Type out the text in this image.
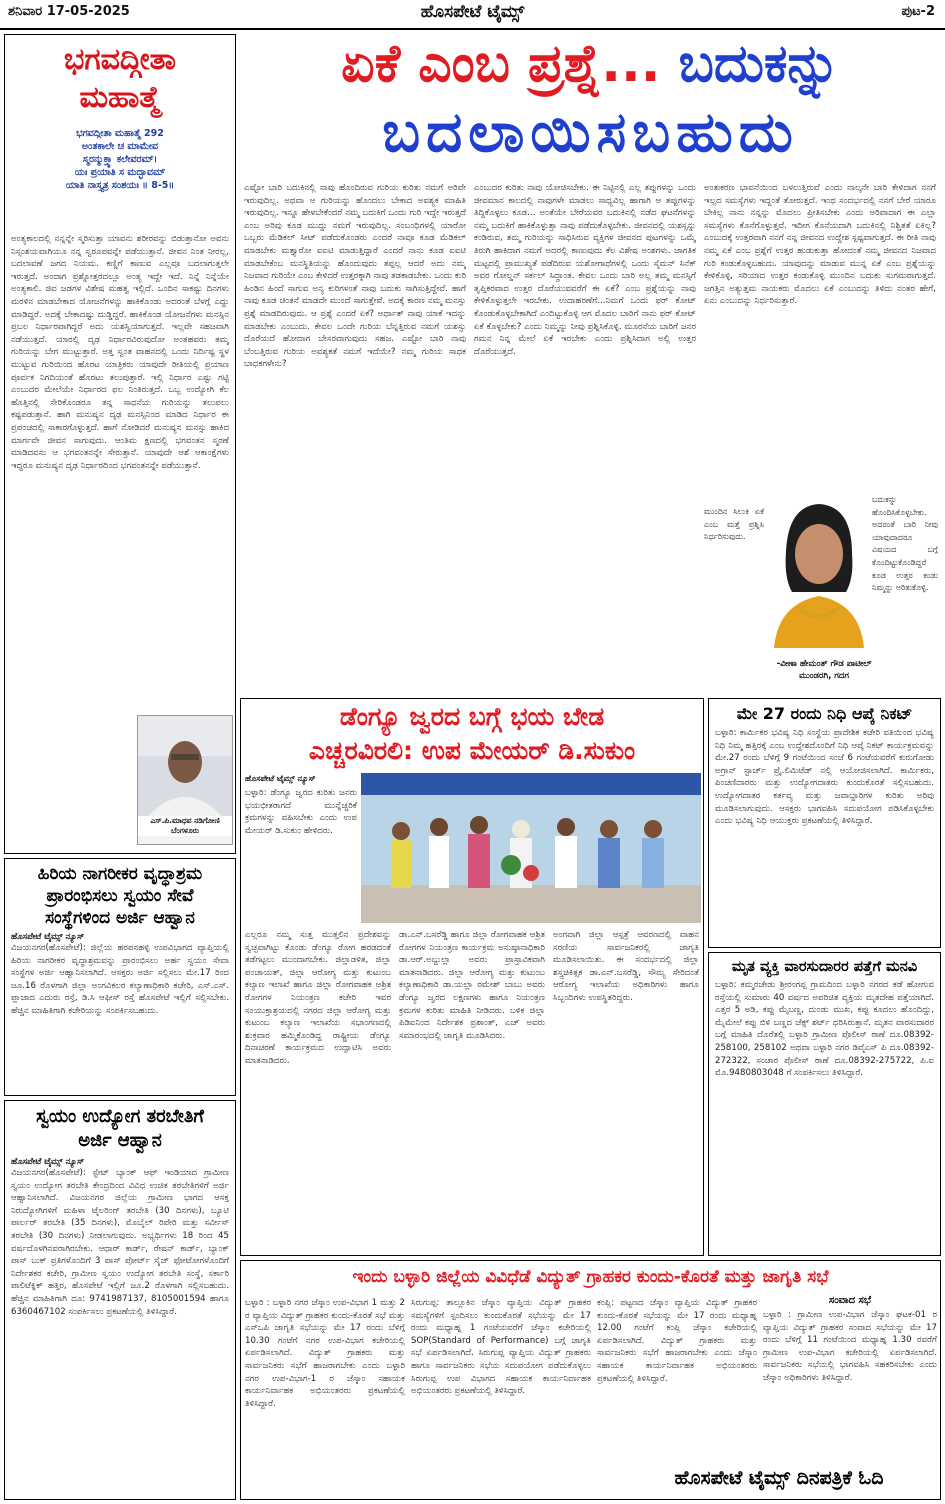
ಶನಿವಾರ 17-05-2025	ಹೊಸಪೇಟೆ ಟೈಮ್ಸ್	ಪುಟ-2
ಭಗವದ್ಗೀತಾ
ಮಹಾತ್ಮೆ
ಭಗವದ್ಗೀತಾ ಮಹಾತ್ಮೆ 292
ಅಂತಕಾಲೇ ಚ ಮಾಮೇವ
ಸ್ಮರನ್ಮುಕ್ತ್ವಾ ಕಲೇವರಮ್।
ಯಃ ಪ್ರಯಾತಿ ಸ ಮದ್ಭಾವಮ್
ಯಾತಿ ನಾಸ್ತ್ಯತ್ರ ಸಂಶಯಃ ॥ 8-5॥
ಅಂತ್ಯಕಾಲದಲ್ಲಿ ನನ್ನನ್ನೇ ಸ್ಮರಿಸುತ್ತಾ ಯಾವನು ಶರೀರವನ್ನು ಬಿಡುತ್ತಾನೋ ಅವನು ನಿಸ್ಸಂಶಯವಾಗಿಯೂ ನನ್ನ ಸ್ವರೂಪವನ್ನೇ ಪಡೆಯುತ್ತಾನೆ. ಜೀವನ ನಿಂತ ನೀರಲ್ಲ, ಬದಲಾವಣೆ ಜಗದ ನಿಯಮ. ಕಣ್ಣಿಗೆ ಕಾಣುವ ಎಲ್ಲವೂ ಬದಲಾಗುತ್ತಲೇ ಇರುತ್ತದೆ. ಅಂದಾಗ ಪ್ರಶ್ನೋತ್ತರದಲ್ಲೂ ಅಂತ್ಯ ಇದ್ದೇ ಇದೆ. ನಿನ್ನೆ ನಿನ್ನೆಯೇ ಅಂತ್ಯಕಾಲಿ. ಜಿವ ಜಡಗಳ ವಿಶೇಷ ಮಹತ್ವ ಇಲ್ಲಿದೆ. ಒಂದಿನ ಸಾಕಷ್ಟು ದಿನಗಳು ಮರಳಿನ ಮಾಡಬೇಕಾದ ಯೋಜನೆಗಳನ್ನು ಹಾಕಿಕೊಂಡು ಅದರಂತೆ ಬೆಳಗ್ಗೆ ಎದ್ದು ಮಾಡಿದ್ದರೆ. ಅದಕ್ಕೆ ಬೇಕಾದಷ್ಟು ದುಡ್ಡಿದ್ದರೆ. ಹಾಕಿಕೊಂಡ ಯೋಜನೆಗಳು ಮನಸ್ಸಿನ ಪ್ರಬಲ ನಿರ್ಧಾರವಾಗಿದ್ದರೆ ಅದು ಯಶಸ್ವಿಯಾಗುತ್ತದೆ. ಇಲ್ಲವೇ ಸಹಜವಾಗಿ ನಡೆಯುತ್ತದೆ. ಯಾರಲ್ಲಿ ದೃಢ ನಿರ್ಧಾರವಿರುವುದೋ ಅಂತಹವರು ತಮ್ಮ ಗುರಿಯನ್ನು ಬೇಗ ಮುಟ್ಟುತ್ತಾರೆ. ಅತ್ತ ಸ್ವಂತ ವಾಹನದಲ್ಲಿ ಒಂದು ನಿರ್ದಿಷ್ಟ ಸ್ಥಳ ಮುಟ್ಟುವ ಗುರಿಯಿಂದ ಹೊರಟ ಯಾತ್ರಿಕರು ಯಾವುದೇ ರೀತಿಯಲ್ಲಿ ಪ್ರಯಾಣ ಪೂರ್ವಕ ನಿಗದಿಯಂತೆ ಹೊರಟು ತಲುಪುತ್ತಾರೆ. ಇಲ್ಲಿ ನಿರ್ಧಾರ ಎಷ್ಟು ಗಟ್ಟಿ ಎಂಬುದರ ಮೇಲೆಯೇ ನಿರ್ಧಾರದ ಫಲ ನಿಂತಿರುತ್ತದೆ. ಒಬ್ಬ ಉದ್ಯೋಗಿ ಕೆಲ ಹೊತ್ತಿನಲ್ಲಿ ಸೇರಿಕೊಂಡರೂ ತನ್ನ ಸಾಧನೆಯ ಗುರಿಯನ್ನು ತಲುಪಲು ಕಷ್ಟಪಡುತ್ತಾನೆ. ಹಾಗಿ ಮನುಷ್ಯನ ದೃಢ ಮನಸ್ಸಿನಿಂದ ಮಾಡಿದ ನಿರ್ಧಾರ ಈ ಪ್ರಪಂಚದಲ್ಲಿ ಸಾಕಾರಗೊಳ್ಳುತ್ತದೆ. ಹಾಗೆ ನೋಡಿದರೆ ಮನುಷ್ಯನ ಮನಸ್ಸು ಹಾಕಿದ ಮಾರ್ಗವೇ ಜೀವನ ಸಾಗುವುದು. ಆಂತಿಮ ಕ್ಷಣದಲ್ಲಿ ಭಗವಂತನ ಸ್ಮರಣೆ ಮಾಡಿದವನು ಆ ಭಗವಂತನನ್ನೇ ಸೇರುತ್ತಾನೆ. ಯಾವುದೇ ಆಶೆ ಆಕಾಂಕ್ಷೆಗಳು ಇದ್ದರೂ ಮನುಷ್ಯನ ದೃಢ ನಿರ್ಧಾರದಿಂದ ಭಗವಂತನನ್ನೇ ಪಡೆಯುತ್ತಾನೆ.
ಎಸ್.ಪಿ.ಮಾಧವ ನಡಿಗೋಣಿ
ಬೆಂಗಳೂರು
ಹಿರಿಯ ನಾಗರೀಕರ ವೃದ್ಧಾಶ್ರಮ
ಪ್ರಾರಂಭಿಸಲು ಸ್ವಯಂ ಸೇವೆ
ಸಂಸ್ಥೆಗಳಿಂದ ಅರ್ಜಿ ಆಹ್ವಾನ
ಹೊಸಪೇಟೆ ಟೈಮ್ಸ್ ನ್ಯೂಸ್
ವಿಜಯನಗರ(ಹೊಸಪೇಟೆ): ಜಿಲ್ಲೆಯ ಹರಪನಹಳ್ಳಿ ಉಪವಿಭಾಗದ ವ್ಯಾಪ್ತಿಯಲ್ಲಿ ಹಿರಿಯ ನಾಗರೀಕರ ವೃದ್ಧಾಶ್ರಮವನ್ನು ಪ್ರಾರಂಭಿಸಲು ಅರ್ಹ ಸ್ವಯಂ ಸೇವಾ ಸಂಸ್ಥೆಗಳ ಅರ್ಜಿ ಆಹ್ವಾನಿಸಲಾಗಿದೆ. ಆಸಕ್ತರು ಅರ್ಜಿ ಸಲ್ಲಿಸಲು ಮೇ.17 ರಿಂದ ಜೂ.16 ರೊಳಗಾಗಿ ಜಿಲ್ಲಾ ಅಂಗವಿಕಲರ ಕಲ್ಯಾಣಾಧಿಕಾರಿ ಕಚೇರಿ, ಎಸ್.ಎಸ್. ಪ್ಲಾಜಾದ ಎದುರು ರಸ್ತೆ, ಡಿ.ಸಿ ಆಫೀಸ್ ರಸ್ತೆ ಹೊಸಪೇಟೆ ಇಲ್ಲಿಗೆ ಸಲ್ಲಿಸಬೇಕು. ಹೆಚ್ಚಿನ ಮಾಹಿತಿಗಾಗಿ ಕಚೇರಿಯನ್ನು ಸಂಪರ್ಕಿಸಬಹುದು.
ಸ್ವಯಂ ಉದ್ಯೋಗ ತರಬೇತಿಗೆ
ಅರ್ಜಿ ಆಹ್ವಾನ
ಹೊಸಪೇಟೆ ಟೈಮ್ಸ್ ನ್ಯೂಸ್
ವಿಜಯನಗರ(ಹೊಸಪೇಟೆ): ಸ್ಟೇಟ್ ಬ್ಯಾಂಕ್ ಆಫ್ ಇಂಡಿಯಾದ ಗ್ರಾಮೀಣ ಸ್ವಯಂ ಉದ್ಯೋಗ ತರಬೇತಿ ಕೇಂದ್ರದಿಂದ ವಿವಿಧ ಉಚಿತ ತರಬೇತಿಗಳಿಗೆ ಅರ್ಜಿ ಆಹ್ವಾನಿಸಲಾಗಿದೆ. ವಿಜಯನಗರ ಜಿಲ್ಲೆಯ ಗ್ರಾಮೀಣ ಭಾಗದ ಆಸಕ್ತ ನಿರುದ್ಯೋಗಿಗಳಿಗೆ ಮಹಿಳಾ ಟೈಲರಿಂಗ್ ತರಬೇತಿ (30 ದಿನಗಳು), ಬ್ಯೂಟಿ ಪಾರ್ಲರ್ ತರಬೇತಿ (35 ದಿನಗಳು), ಮೊಬೈಲ್ ರಿಪೇರಿ ಮತ್ತು ಸರ್ವೀಸ್ ತರಬೇತಿ (30 ದಿನಗಳು) ನೀಡಲಾಗುವುದು. ಅಭ್ಯರ್ಥಿಗಳು 18 ರಿಂದ 45 ವರ್ಷದೊಳಗಿನವರಾಗಿರಬೇಕು. ಆಧಾರ್ ಕಾರ್ಡ್, ರೇಷನ್ ಕಾರ್ಡ್, ಬ್ಯಾಂಕ್ ಪಾಸ್ ಬುಕ್ ಪ್ರತಿಗಳೊಂದಿಗೆ 3 ಪಾಸ್ ಪೋರ್ಟ್ ಸೈಜ್ ಫೋಟೋಗಳೊಂದಿಗೆ ನಿರ್ದೇಶಕರ ಕಚೇರಿ, ಗ್ರಾಮೀಣ ಸ್ವಯಂ ಉದ್ಯೋಗ ತರಬೇತಿ ಸಂಸ್ಥೆ, ಸರ್ಕಾರಿ ಪಾಲಿಟೆಕ್ನಿಕ್ ಹತ್ತಿರ, ಹೊಸಪೇಟೆ ಇಲ್ಲಿಗೆ ಜೂ.2 ರೊಳಗಾಗಿ ಸಲ್ಲಿಸಬಹುದು. ಹೆಚ್ಚಿನ ಮಾಹಿತಿಗಾಗಿ ದೂ: 9741987137, 8105001594 ಹಾಗೂ 6360467102 ಸಂಪರ್ಕಿಸಲು ಪ್ರಕಟಣೆಯಲ್ಲಿ ತಿಳಿಸಿದ್ದಾರೆ.
ಏಕೆ ಎಂಬ ಪ್ರಶ್ನೆ... ಬದುಕನ್ನು
ಬದಲಾಯಿಸಬಹುದು
ಎಷ್ಟೋ ಬಾರಿ ಬದುಕಿನಲ್ಲಿ ನಾವು ಹೊಂದಿರುವ ಗುರಿಯ ಕುರಿತು ನಮಗೆ ಅರಿವೇ ಇರುವುದಿಲ್ಲ. ಅಥವಾ ಆ ಗುರಿಯನ್ನು ಹೊಂದಲು ಬೇಕಾದ ಅವಶ್ಯಕ ಮಾಹಿತಿ ಇರುವುದಿಲ್ಲ. ಇನ್ನೂ ಹೇಳಬೇಕೆಂದರೆ ನಮ್ಮ ಬದುಕಿಗೆ ಒಂದು ಗುರಿ ಇದ್ದೇ ಇರುತ್ತದೆ ಎಂಬ ಅರಿವು ಕೂಡ ಮುದ್ದು ನಮಗೆ ಇರುವುದಿಲ್ಲ. ಸಂಬಂಧಿಗಳಲ್ಲಿ ಯಾರೋ ಒಬ್ಬರು ಮೆಡಿಕಲ್ ಸೀಟ್ ಪಡೆದುಕೊಂಡರು ಎಂದರೆ ನಾವೂ ಕೂಡ ಮೆಡಿಕಲ್ ಮಾಡಬೇಕು ಮತ್ತ್ಯಾರೋ ಐಐಟಿ ಮಾಡುತ್ತಿದ್ದಾರೆ ಎಂದರೆ ನಾನು ಕೂಡ ಐಐಟಿ ಮಾಡಬೇಕೆಂಬ ಮನಸ್ಥಿತಿಯನ್ನು ಹೊಂದುವುದು ತಪ್ಪಲ್ಲ ಆದರೆ ಅದು ನಮ್ಮ ನಿಜವಾದ ಗುರಿಯೇ ಎಂಬ ಕೇಳಿದರೆ ಉತ್ತರಕ್ಕಾಗಿ ನಾವು ತಡಕಾಡಬೇಕು. ಒಂದು ಕುರಿ ಹಿಂಡಿನ ಹಿಂದೆ ಸಾಗುವ ಅನ್ಯ ಕುರಿಗಳಂತೆ ನಾವು ಬದುಕು ಸಾಗಿಸುತ್ತಿದ್ದೇವೆ. ಹಾಗೆ ನಾವು ಕೂಡ ಚಿಂತನೆ ಮಾಡದೇ ಮುಂದೆ ಸಾಗುತ್ತೇವೆ. ಅದಕ್ಕೆ ಕಾರಣ ನಮ್ಮ ಮನಸ್ಸು ಪ್ರಶ್ನೆ ಮಾಡದಿರುವುದು. ಆ ಪ್ರಶ್ನೆ ಎಂದರೆ ಏಕೆ? ಅರ್ಥಾತ್ ನಾವು ಯಾಕೆ ಇದನ್ನು ಮಾಡಬೇಕು ಎಂಬುದು. ಕೇವಲ ಒಂದೇ ಗುರಿಯ ಬೆನ್ನತ್ತಿರುವ ನಮಗೆ ಯಶಸ್ಸು ದೊರೆಯದೆ ಹೋದಾಗ ಬೇಸರವಾಗುವುದು ಸಹಜ. ಎಷ್ಟೋ ಬಾರಿ ನಾವು ಬೆಂಬತ್ತಿರುವ ಗುರಿಯ ಅವಶ್ಯಕತೆ ನಮಗೆ ಇದೆಯೇ? ನಮ್ಮ ಗುರಿಯ ಸಾಧಕ ಬಾಧಕಗಳೇನು?
ಎಂಬುದರ ಕುರಿತು ನಾವು ಯೋಚಿಸಬೇಕು. ಈ ನಿಟ್ಟಿನಲ್ಲಿ ಎಲ್ಲ ತಪ್ಪುಗಳನ್ನು ಒಂದು ಜೀವಮಾನ ಕಾಲದಲ್ಲಿ ನಾವುಗಳೇ ಮಾಡಲು ಸಾಧ್ಯವಿಲ್ಲ ಹಾಗಾಗಿ ಆ ತಪ್ಪುಗಳನ್ನು ತಿದ್ದಿಕೊಳ್ಳಲು ಕೂಡ... ಅಂತೆಯೇ ಬೇರೆಯವರ ಬದುಕಿನಲ್ಲಿ ನಡೆದ ಘಟನೆಗಳನ್ನು ನಮ್ಮ ಬದುಕಿಗೆ ಹಾಕಿಕೊಳ್ಳುತ್ತಾ ನಾವು ಪಡೆದುಕೊಳ್ಳಬೇಕು. ಜೀವನದಲ್ಲಿ ಯಶಸ್ಸನ್ನು ಕಂಡಿರುವ, ತಮ್ಮ ಗುರಿಯನ್ನು ಸಾಧಿಸಿರುವ ವ್ಯಕ್ತಿಗಳ ಜೀವನದ ಪುಟಗಳನ್ನು ಒಮ್ಮೆ ತಿರುಗಿ ಹಾಕಿದಾಗ ನಮಗೆ ಅದರಲ್ಲಿ ಕಾಣುವುದು ಕೆಲ ವಿಶೇಷ ಅಂಶಗಳು. ಜಾಗತಿಕ ಮಟ್ಟದಲ್ಲಿ ಪ್ರಾಮುಖ್ಯತೆ ಪಡೆದಿರುವ ಯಶೋಗಾಥೆಗಳಲ್ಲಿ ಒಂದು ಸೈಮನ್ ಸಿನೆಕ್ ಅವರ ಗೋಲ್ಡನ್ ಸರ್ಕಲ್ ಸಿದ್ಧಾಂತ. ಕೇವಲ ಒಂದು ಬಾರಿ ಅಲ್ಲ ತಮ್ಮ ಮನಸ್ಸಿಗೆ ತೃಪ್ತಿಕರವಾದ ಉತ್ತರ ದೊರೆಯುವವರೆಗೆ ಈ ಏಕೆ? ಎಂಬ ಪ್ರಶ್ನೆಯನ್ನು ನಾವು ಕೇಳಿಕೊಳ್ಳುತ್ತಲೇ ಇರಬೇಕು. ಉದಾಹರಣೆಗೆ...ನಿಮಗೆ ಒಂದು ಫರ್ ಕೋಟ್ ಕೊಂಡುಕೊಳ್ಳಬೇಕಾಗಿದೆ ಎಂದಿಟ್ಟುಕೊಳ್ಳಿ ಆಗ ಮೊದಲ ಬಾರಿಗೆ ನಾನು ಫರ್ ಕೋಟ್ ಏಕೆ ಕೊಳ್ಳಬೇಕು? ಎಂದು ನಿಮ್ಮನ್ನು ನೀವು ಪ್ರಶ್ನಿಸಿಕೊಳ್ಳಿ. ಮೂರನೆಯ ಬಾರಿಗೆ ಜನರ ಗಮನ ನಿನ್ನ ಮೇಲೆ ಏಕೆ ಇರಬೇಕು ಎಂದು ಪ್ರಶ್ನಿಸಿದಾಗ ಅಲ್ಲಿ ಉತ್ತರ ದೊರೆಯುತ್ತದೆ.
ಅಂತಃಕರಣ ಭಾವನೆಯಿಂದ ಬಳಲುತ್ತಿರುವೆ ಎಂದು ನಾಲ್ಕನೇ ಬಾರಿ ಕೇಳಿದಾಗ ನನಗೆ ಇಲ್ಲದ ಸಮಸ್ಯೆಗಳು ಇದ್ದಂತೆ ತೋರುತ್ತದೆ. ಇಂಥ ಸಂದರ್ಭದಲ್ಲಿ ನನಗೆ ಬೇರೆ ಯಾರೂ ಬೇಕಿಲ್ಲ ನಾನು ನನ್ನನ್ನು ಮೊದಲು ಪ್ರೀತಿಸಬೇಕು ಎಂದು ಅರಿವಾದಾಗ ಈ ಎಲ್ಲಾ ಸಮಸ್ಯೆಗಳು ಕೊನೆಗೊಳ್ಳುತ್ತವೆ. ಇದೀಗ ಕೊನೆಯದಾಗಿ ಬದುಕಿನಲ್ಲಿ ನಿಶ್ಚಿತತೆ ಏಕಿಲ್ಲ? ಎಂಬುದಕ್ಕೆ ಉತ್ತರವಾಗಿ ನನಗೆ ನನ್ನ ಜೀವನದ ಉದ್ದೇಶ ಸ್ಪಷ್ಟವಾಗುತ್ತದೆ. ಈ ರೀತಿ ನಾವು ನಮ್ಮ ಏಕೆ ಎಂಬ ಪ್ರಶ್ನೆಗೆ ಉತ್ತರ ಹುಡುಕುತ್ತಾ ಹೋದಂತೆ ನಮ್ಮ ಜೀವನದ ನಿಜವಾದ ಗುರಿ ಕಂಡುಕೊಳ್ಳಬಹುದು. ಯಾವುದನ್ನು ಮಾಡುವ ಮುನ್ನ ಏಕೆ ಎಂಬ ಪ್ರಶ್ನೆಯನ್ನು ಕೇಳಿಕೊಳ್ಳಿ, ಸರಿಯಾದ ಉತ್ತರ ಕಂಡುಕೊಳ್ಳಿ ಮುಂದಿನ ಬದುಕು ಸುಗಮವಾಗುತ್ತದೆ. ಜಗತ್ತಿನ ಅತ್ಯುತ್ತಮ ನಾಯಕರು ಮೊದಲು ಏಕೆ ಎಂಬುದನ್ನು ತಿಳಿದು ನಂತರ ಹೇಗೆ, ಏನು ಎಂಬುದನ್ನು ನಿರ್ಧರಿಸುತ್ತಾರೆ.
ಮುಂದಿನ ಸಿಲುಕಿ ಏಕೆ ಎಂಬ ಮತ್ತೆ ಪ್ರಶ್ನಿಸಿ ನಿರ್ಧರಿಸುವುದು.
ಬದುಕನ್ನು ಹೊಂದಿಸಿಕೊಳ್ಳಬೇಕು. ಅದರಂತೆ ಬಾರಿ ನೀವು ಯಾವುದಾದರೂ ವಿಷಯದ ಬಗ್ಗೆ ಕೊಂದಿಟ್ಟುಕೊಂಡಿದ್ದರೆ ಕೂಡ ಉತ್ತರ ಕಂಡು ನಿಮ್ಮನ್ನು ಅರಿತುಕೊಳ್ಳಿ.
-ವೀಣಾ ಹೇಮಂತ್ ಗೌಡ ಪಾಟೀಲ್
ಮುಂಡರಗಿ, ಗದಗ
ಡೆಂಗ್ಯೂ ಜ್ವರದ ಬಗ್ಗೆ ಭಯ ಬೇಡ
ಎಚ್ಚರವಿರಲಿ: ಉಪ ಮೇಯರ್ ಡಿ.ಸುಕುಂ
ಹೊಸಪೇಟೆ ಟೈಮ್ಸ್ ನ್ಯೂಸ್
ಬಳ್ಳಾರಿ: ಡೆಂಗ್ಯೂ ಜ್ವರದ ಕುರಿತು ಜನರು ಭಯಭೀತರಾಗದೆ ಮುನ್ನೆಚ್ಚರಿಕೆ ಕ್ರಮಗಳನ್ನು ವಹಿಸಬೇಕು ಎಂದು ಉಪ ಮೇಯರ್ ಡಿ.ಸುಕುಂ ಹೇಳಿದರು.
ಎಲ್ಲರೂ ನಮ್ಮ ಸುತ್ತ ಮುತ್ತಲಿನ ಪ್ರದೇಶವನ್ನು ಸ್ವಚ್ಛವಾಗಿಟ್ಟು ಕೊಂಡು ಡೆಂಗ್ಯೂ ರೋಗ ಹರಡದಂತೆ ತಡೆಗಟ್ಟಲು ಮುಂದಾಗಬೇಕು. ಜಿಲ್ಲಾಡಳಿತ, ಜಿಲ್ಲಾ ಪಂಚಾಯತ್, ಜಿಲ್ಲಾ ಆರೋಗ್ಯ ಮತ್ತು ಕುಟುಂಬ ಕಲ್ಯಾಣ ಇಲಾಖೆ ಹಾಗೂ ಜಿಲ್ಲಾ ರೋಗವಾಹಕ ಆಶ್ರಿತ ರೋಗಗಳ ನಿಯಂತ್ರಣ ಕಚೇರಿ ಇವರ ಸಂಯುಕ್ತಾಶ್ರಯದಲ್ಲಿ ನಗರದ ಜಿಲ್ಲಾ ಆರೋಗ್ಯ ಮತ್ತು ಕುಟುಂಬ ಕಲ್ಯಾಣ ಇಲಾಖೆಯ ಸಭಾಂಗಣದಲ್ಲಿ ಶುಕ್ರವಾರ ಹಮ್ಮಿಕೊಂಡಿದ್ದ ರಾಷ್ಟ್ರೀಯ ಡೆಂಗ್ಯೂ ದಿನಾಚರಣೆ ಕಾರ್ಯಕ್ರಮದ ಉದ್ಘಾಟಿಸಿ ಅವರು ಮಾತನಾಡಿದರು.
ಡಾ.ಎನ್.ಬಸರೆಡ್ಡಿ ಹಾಗೂ ಜಿಲ್ಲಾ ರೋಗವಾಹಕ ಆಶ್ರಿತ ರೋಗಗಳ ನಿಯಂತ್ರಣ ಕಾರ್ಯಕ್ರಮ ಅನುಷ್ಠಾನಾಧಿಕಾರಿ ಡಾ.ಆರ್.ಅಬ್ದುಲ್ಲಾ ಅವರು ಪ್ರಾಸ್ತಾವಿಕವಾಗಿ ಮಾತನಾಡಿದರು. ಜಿಲ್ಲಾ ಆರೋಗ್ಯ ಮತ್ತು ಕುಟುಂಬ ಕಲ್ಯಾಣಾಧಿಕಾರಿ ಡಾ.ಯಲ್ಲಾ ರಮೇಶ್ ಬಾಬು ಅವರು ಡೆಂಗ್ಯೂ ಜ್ವರದ ಲಕ್ಷಣಗಳು ಹಾಗೂ ನಿಯಂತ್ರಣ ಕ್ರಮಗಳ ಕುರಿತು ಮಾಹಿತಿ ನೀಡಿದರು. ಬಳಿಕ ಜಿಲ್ಲಾ ಪಿಡಿಐನಿಂದ ನಿರ್ದೇಶಕ ಪ್ರಶಾಂತ್, ಎಚ್ ಅವರು ಸಮಾರಂಭದಲ್ಲಿ ಜಾಗೃತಿ ಮೂಡಿಸಿದರು.
ಅಂಗವಾಗಿ ಜಿಲ್ಲಾ ಆಸ್ಪತ್ರೆ ಆವರಣದಲ್ಲಿ ವಾಹನ ಸರಣಿಯ ಸಾರ್ವಜನಿಕರಲ್ಲಿ ಜಾಗೃತಿ ಮೂಡಿಸಲಾಯಿತು. ಈ ಸಂದರ್ಭದಲ್ಲಿ ಜಿಲ್ಲಾ ಶಸ್ತ್ರಚಿಕಿತ್ಸಕ ಡಾ.ಎನ್.ಬಸರೆಡ್ಡಿ, ಸೌಮ್ಯ ಸೇರಿದಂತೆ ಆರೋಗ್ಯ ಇಲಾಖೆಯ ಅಧಿಕಾರಿಗಳು ಹಾಗೂ ಸಿಬ್ಬಂದಿಗಳು ಉಪಸ್ಥಿತರಿದ್ದರು.
ಮೇ 27 ರಂದು ನಿಧಿ ಆಪ್ಕೆ ನಿಕಟ್
ಬಳ್ಳಾರಿ: ಕಾರ್ಮಿಕರ ಭವಿಷ್ಯ ನಿಧಿ ಸಂಸ್ಥೆಯ ಪ್ರಾದೇಶಿಕ ಕಚೇರಿ ವತಿಯಿಂದ ಭವಿಷ್ಯ ನಿಧಿ ನಿಮ್ಮ ಹತ್ತಿರಕ್ಕೆ ಎಂಬ ಉದ್ದೇಶದೊಂದಿಗೆ ನಿಧಿ ಆಪ್ಕೆ ನಿಕಟ್ ಕಾರ್ಯಕ್ರಮವನ್ನು ಮೇ.27 ರಂದು ಬೆಳಿಗ್ಗೆ 9 ಗಂಟೆಯಿಂದ ಸಂಜೆ 6 ಗಂಟೆಯವರೆಗೆ ಕುರುಗೋಡು ಅಗ್ರಾನ್ ಸ್ಟಾರ್ಚ್ ಪ್ರೈ.ಲಿಮಿಟೆಡ್ ನಲ್ಲಿ ಆಯೋಜಿಸಲಾಗಿದೆ. ಕಾರ್ಮಿಕರು, ಪಿಂಚಣಿದಾರರು ಮತ್ತು ಉದ್ಯೋಗದಾತರು ಕುಂದುಕೊರತೆ ಸಲ್ಲಿಸಬಹುದು. ಉದ್ಯೋಗದಾತರ ಕರ್ತವ್ಯ ಮತ್ತು ಜವಾಬ್ದಾರಿಗಳ ಕುರಿತು ಅರಿವು ಮೂಡಿಸಲಾಗುವುದು. ಆಸಕ್ತರು ಭಾಗವಹಿಸಿ ಸದುಪಯೋಗ ಪಡಿಸಿಕೊಳ್ಳಬೇಕು ಎಂದು ಭವಿಷ್ಯ ನಿಧಿ ಆಯುಕ್ತರು ಪ್ರಕಟಣೆಯಲ್ಲಿ ತಿಳಿಸಿದ್ದಾರೆ.
ಮೃತ ವ್ಯಕ್ತಿ ವಾರಸುದಾರರ ಪತ್ತೆಗೆ ಮನವಿ
ಬಳ್ಳಾರಿ: ಕಮ್ಮರಚೇಡು ಶ್ರೀರಂಗಪ್ಪ ಗ್ರಾಮದಿಂದ ಬಳ್ಳಾರಿ ನಗರದ ಕಡೆ ಹೋಗುವ ರಸ್ತೆಯಲ್ಲಿ ಸುಮಾರು 40 ವರ್ಷದ ಅಪರಿಚಿತ ವ್ಯಕ್ತಿಯ ಮೃತದೇಹ ಪತ್ತೆಯಾಗಿದೆ. ಎತ್ತರ 5 ಅಡಿ, ಕಪ್ಪು ಮೈಬಣ್ಣ, ದುಂಡು ಮುಖ, ಕಪ್ಪು ಕೂದಲು ಹೊಂದಿದ್ದು, ಮೈಮೇಲೆ ಕಪ್ಪು ಬಿಳಿ ಬಣ್ಣದ ಚೆಕ್ಸ್ ಶರ್ಟ್ ಧರಿಸಿರುತ್ತಾನೆ. ಮೃತನ ವಾರಸುದಾರರ ಬಗ್ಗೆ ಮಾಹಿತಿ ದೊರೆತಲ್ಲಿ ಬಳ್ಳಾರಿ ಗ್ರಾಮೀಣ ಪೊಲೀಸ್ ಠಾಣೆ ದೂ.08392-258100, 258102 ಅಥವಾ ಬಳ್ಳಾರಿ ನಗರ ಡಿವೈಎಸ್ ಪಿ ದೂ.08392-272322, ಸಂಚಾರ ಪೊಲೀಸ್ ಠಾಣೆ ದೂ.08392-275722, ಪಿ.ಐ ಮೊ.9480803048 ಗೆ ಸಂಪರ್ಕಿಸಲು ತಿಳಿಸಿದ್ದಾರೆ.
ಇಂದು ಬಳ್ಳಾರಿ ಜಿಲ್ಲೆಯ ವಿವಿಧೆಡೆ ವಿದ್ಯುತ್ ಗ್ರಾಹಕರ ಕುಂದು-ಕೊರತೆ ಮತ್ತು ಜಾಗೃತಿ ಸಭೆ
ಬಳ್ಳಾರಿ : ಬಳ್ಳಾರಿ ನಗರ ಜೆಸ್ಕಾಂ ಉಪ-ವಿಭಾಗ 1 ಮತ್ತು 2 ರ ವ್ಯಾಪ್ತಿಯ ವಿದ್ಯುತ್ ಗ್ರಾಹಕರ ಕುಂದು-ಕೊರತೆ ಸಭೆ ಮತ್ತು ಎಸ್ಒಪಿ ಜಾಗೃತಿ ಸಭೆಯನ್ನು ಮೇ 17 ರಂದು ಬೆಳಿಗ್ಗೆ 10.30 ಗಂಟೆಗೆ ನಗರ ಉಪ-ವಿಭಾಗ ಕಚೇರಿಯಲ್ಲಿ ಏರ್ಪಡಿಸಲಾಗಿದೆ. ವಿದ್ಯುತ್ ಗ್ರಾಹಕರು ಮತ್ತು ಸಾರ್ವಜನಿಕರು ಸಭೆಗೆ ಹಾಜರಾಗಬೇಕು ಎಂದು ಬಳ್ಳಾರಿ ನಗರ ಉಪ-ವಿಭಾಗ-1 ರ ಜೆಸ್ಕಾಂ ಸಹಾಯಕ ಕಾರ್ಯನಿರ್ವಾಹಕ ಅಭಿಯಂತರರು ಪ್ರಕಟಣೆಯಲ್ಲಿ ತಿಳಿಸಿದ್ದಾರೆ.
ಸಿರುಗುಪ್ಪ: ತಾಲ್ಲೂಕಿನ ಜೆಸ್ಕಾಂ ವ್ಯಾಪ್ತಿಯ ವಿದ್ಯುತ್ ಗ್ರಾಹಕರ ಸಮಸ್ಯೆಗಳಿಗೆ ಸ್ಪಂದಿಸಲು ಕುಂದುಕೊರತೆ ಸಭೆಯನ್ನು ಮೇ 17 ರಂದು ಮಧ್ಯಾಹ್ನ 1 ಗಂಟೆಯವರೆಗೆ ಜೆಸ್ಕಾಂ ಕಚೇರಿಯಲ್ಲಿ SOP(Standard of Performance) ಬಗ್ಗೆ ಜಾಗೃತಿ ಸಭೆ ಏರ್ಪಡಿಸಲಾಗಿದೆ. ಸಿರುಗುಪ್ಪ ವ್ಯಾಪ್ತಿಯ ವಿದ್ಯುತ್ ಗ್ರಾಹಕರು ಹಾಗೂ ಸಾರ್ವಜನಿಕರು ಸಭೆಯ ಸದುಪಯೋಗ ಪಡೆದುಕೊಳ್ಳಲು ಸಿರುಗುಪ್ಪ ಉಪ ವಿಭಾಗದ ಸಹಾಯಕ ಕಾರ್ಯನಿರ್ವಾಹಕ ಅಭಿಯಂತರರು ಪ್ರಕಟಣೆಯಲ್ಲಿ ತಿಳಿಸಿದ್ದಾರೆ.
ಕಂಪ್ಲಿ: ಪಟ್ಟಣದ ಜೆಸ್ಕಾಂ ವ್ಯಾಪ್ತಿಯ ವಿದ್ಯುತ್ ಗ್ರಾಹಕರ ಕುಂದು-ಕೊರತೆ ಸಭೆಯನ್ನು ಮೇ 17 ರಂದು ಮಧ್ಯಾಹ್ನ 12.00 ಗಂಟೆಗೆ ಕಂಪ್ಲಿ ಜೆಸ್ಕಾಂ ಕಚೇರಿಯಲ್ಲಿ ಏರ್ಪಡಿಸಲಾಗಿದೆ. ವಿದ್ಯುತ್ ಗ್ರಾಹಕರು ಮತ್ತು ಸಾರ್ವಜನಿಕರು ಸಭೆಗೆ ಹಾಜರಾಗಬೇಕು ಎಂದು ಜೆಸ್ಕಾಂ ಸಹಾಯಕ ಕಾರ್ಯನಿರ್ವಾಹಕ ಅಭಿಯಂತರರು ಪ್ರಕಟಣೆಯಲ್ಲಿ ತಿಳಿಸಿದ್ದಾರೆ.
ಸಂವಾದ ಸಭೆ
ಬಳ್ಳಾರಿ : ಗ್ರಾಮೀಣ ಉಪ-ವಿಭಾಗ ಜೆಸ್ಕಾಂ ಘಟಕ-01 ರ ವ್ಯಾಪ್ತಿಯ ವಿದ್ಯುತ್ ಗ್ರಾಹಕರ ಸಂವಾದ ಸಭೆಯನ್ನು ಮೇ 17 ರಂದು ಬೆಳಿಗ್ಗೆ 11 ಗಂಟೆಯಿಂದ ಮಧ್ಯಾಹ್ನ 1.30 ರವರೆಗೆ ಗ್ರಾಮೀಣ ಉಪ-ವಿಭಾಗ ಕಚೇರಿಯಲ್ಲಿ ಏರ್ಪಡಿಸಲಾಗಿದೆ. ಸಾರ್ವಜನಿಕರು ಸಭೆಯಲ್ಲಿ ಭಾಗವಹಿಸಿ ಸಹಕರಿಸಬೇಕು ಎಂದು ಜೆಸ್ಕಾಂ ಅಧಿಕಾರಿಗಳು ತಿಳಿಸಿದ್ದಾರೆ.
ಹೊಸಪೇಟೆ ಟೈಮ್ಸ್ ದಿನಪತ್ರಿಕೆ ಓದಿ
